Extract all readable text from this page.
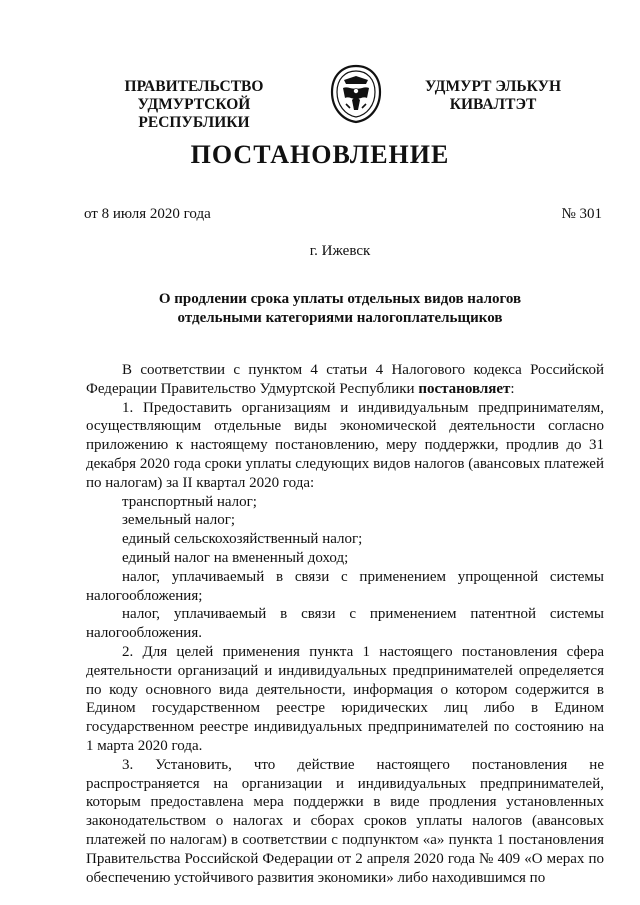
ПРАВИТЕЛЬСТВО
УДМУРТСКОЙ РЕСПУБЛИКИ
УДМУРТ ЭЛЬКУН
КИВАЛТЭТ
ПОСТАНОВЛЕНИЕ
от 8 июля 2020 года	№ 301
г. Ижевск
О продлении срока уплаты отдельных видов налогов
отдельными категориями налогоплательщиков

В соответствии с пунктом 4 статьи 4 Налогового кодекса Российской Федерации Правительство Удмуртской Республики постановляет:

1. Предоставить организациям и индивидуальным предпринимателям, осуществляющим отдельные виды экономической деятельности согласно приложению к настоящему постановлению, меру поддержки, продлив до 31 декабря 2020 года сроки уплаты следующих видов налогов (авансовых платежей по налогам) за II квартал 2020 года:

транспортный налог;

земельный налог;

единый сельскохозяйственный налог;

единый налог на вмененный доход;

налог, уплачиваемый в связи с применением упрощенной системы налогообложения;

налог, уплачиваемый в связи с применением патентной системы налогообложения.

2. Для целей применения пункта 1 настоящего постановления сфера деятельности организаций и индивидуальных предпринимателей определяется по коду основного вида деятельности, информация о котором содержится в Едином государственном реестре юридических лиц либо в Едином государственном реестре индивидуальных предпринимателей по состоянию на 1 марта 2020 года.

3. Установить, что действие настоящего постановления не распространяется на организации и индивидуальных предпринимателей, которым предоставлена мера поддержки в виде продления установленных законодательством о налогах и сборах сроков уплаты налогов (авансовых платежей по налогам) в соответствии с подпунктом «а» пункта 1 постановления Правительства Российской Федерации от 2 апреля 2020 года № 409 «О мерах по обеспечению устойчивого развития экономики» либо находившимся по
